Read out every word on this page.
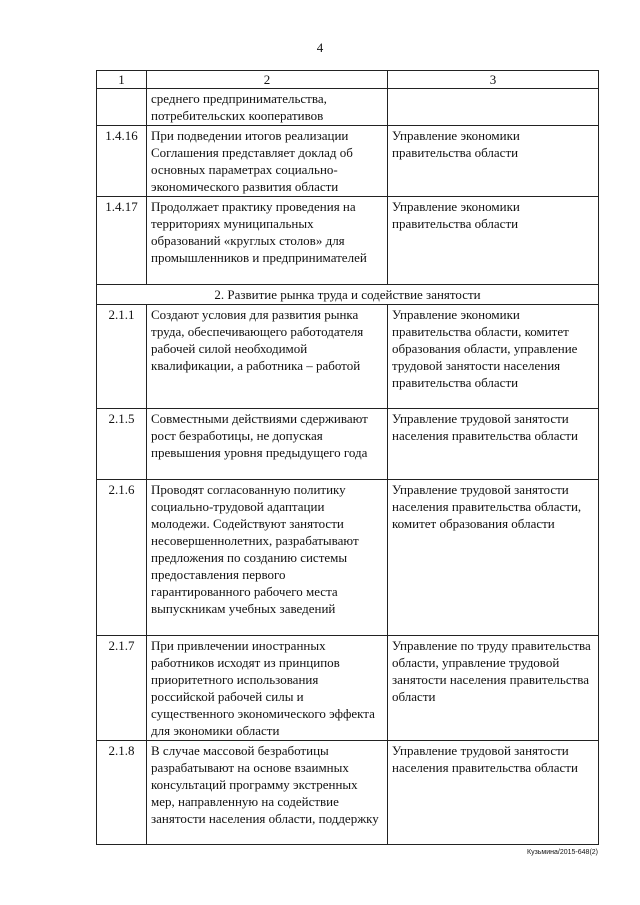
4
1	2	3
	среднего предпринимательства, потребительских кооперативов	
1.4.16	При подведении итогов реализации Соглашения представляет доклад об основных параметрах социально-экономического развития области	Управление экономики правительства области
1.4.17	Продолжает практику проведения на территориях муниципальных образований «круглых столов» для промышленников и предпринимателей	Управление экономики правительства области
2. Развитие рынка труда и содействие занятости		
2.1.1	Создают условия для развития рынка труда, обеспечивающего работодателя рабочей силой необходимой квалификации, а работника – работой	Управление экономики правительства области, комитет образования области, управление трудовой занятости населения правительства области
2.1.5	Совместными действиями сдерживают рост безработицы, не допуская превышения уровня предыдущего года	Управление трудовой занятости населения правительства области
2.1.6	Проводят согласованную политику социально-трудовой адаптации молодежи. Содействуют занятости несовершеннолетних, разрабатывают предложения по созданию системы предоставления первого гарантированного рабочего места выпускникам учебных заведений	Управление трудовой занятости населения правительства области, комитет образования области
2.1.7	При привлечении иностранных работников исходят из принципов приоритетного использования российской рабочей силы и существенного экономического эффекта для экономики области	Управление по труду правительства области, управление трудовой занятости населения правительства области
2.1.8	В случае массовой безработицы разрабатывают на основе взаимных консультаций программу экстренных мер, направленную на содействие занятости населения области, поддержку	Управление трудовой занятости населения правительства области
Кузьмина/2015-648(2)
